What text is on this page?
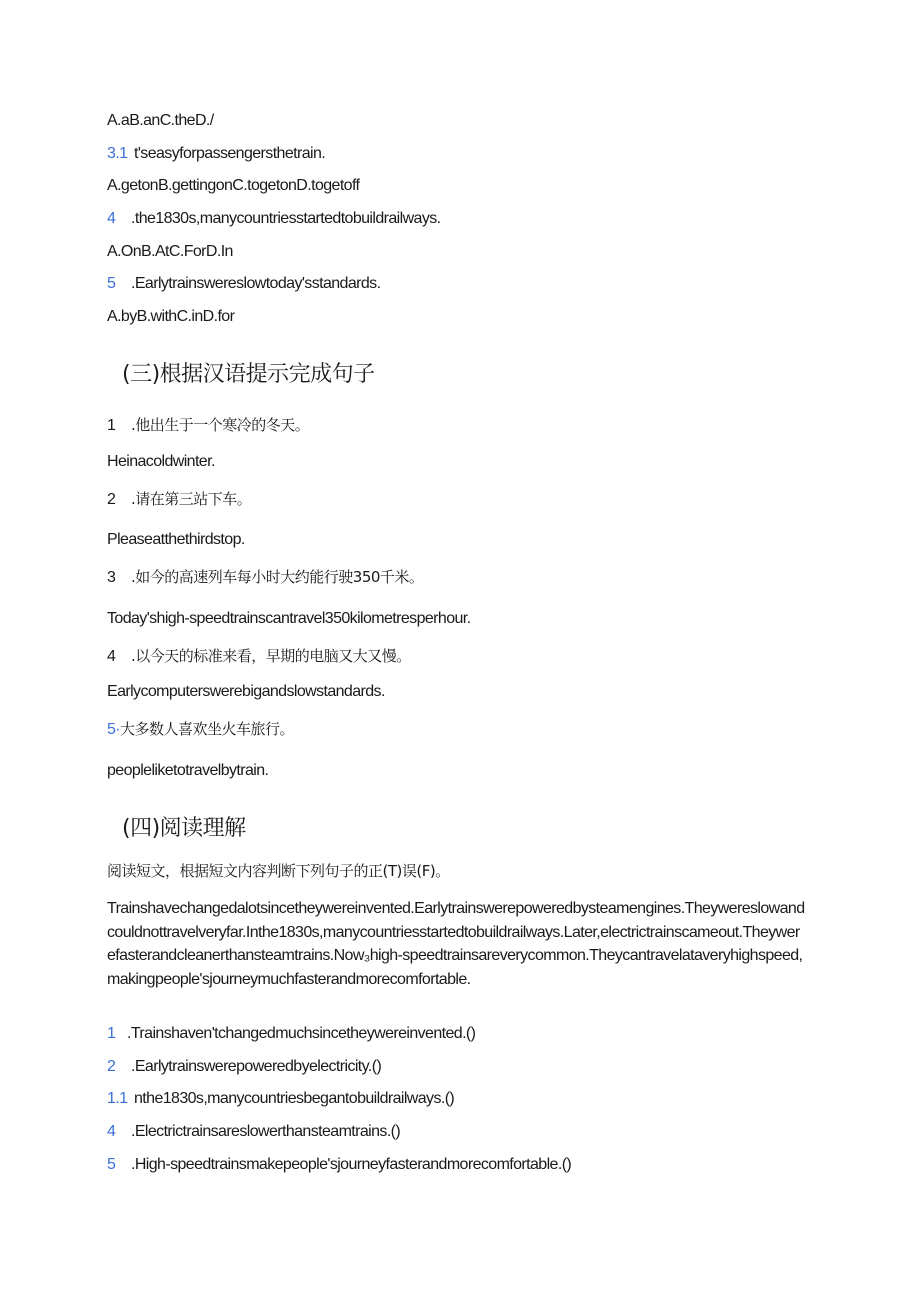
A.aB.anC.theD./
3.1 t'seasyforpassengersthetrain.
A.getonB.gettingonC.togetonD.togetoff
4 .the1830s,manycountriesstartedtobuildrailways.
A.OnB.AtC.ForD.In
5 .Earlytrainswereslowtoday'sstandards.
A.byB.withC.inD.for
(三)根据汉语提示完成句子
1 .他出生于一个寒冷的冬天。
Heinacoldwinter.
2 .请在第三站下车。
Pleaseatthethirdstop.
3 .如今的高速列车每小时大约能行驶350千米。
Today'shigh-speedtrainscantravel350kilometresperhour.
4 .以今天的标准来看，早期的电脑又大又慢。
Earlycomputerswerebigandslowstandards.
5·大多数人喜欢坐火车旅行。
peopleliketotravelbytrain.
(四)阅读理解
阅读短文，根据短文内容判断下列句子的正(T)误(F)。
Trainshavechangedalotsincetheywereinvented.Earlytrainswerepoweredbysteamengines.Theywereslowandcouldnottravelveryfar.Inthe1830s,manycountriesstartedtobuildrailways.Later,electrictrainscameout.Theywerefasterandcleanerthansteamtrains.Now₃high-speedtrainsareverycommon.Theycantravelataveryhighspeed,makingpeople'sjourneymuchfasterandmorecomfortable.
1 .Trainshaven'tchangedmuchsincetheywereinvented.()
2 .Earlytrainswerepoweredbyelectricity.()
1.1 nthe1830s,manycountriesbegantobuildrailways.()
4 .Electrictrainsareslowerthansteamtrains.()
5 .High-speedtrainsmakepeople'sjourneyfasterandmorecomfortable.()
